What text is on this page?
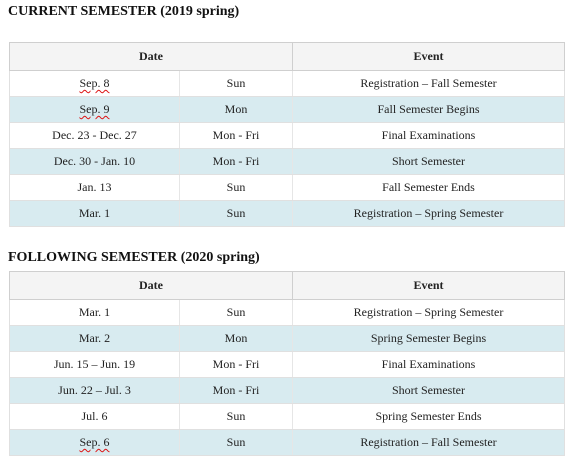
CURRENT SEMESTER (2019 spring)
Date		Event
Sep. 8	Sun	Registration – Fall Semester
Sep. 9	Mon	Fall Semester Begins
Dec. 23 - Dec. 27	Mon - Fri	Final Examinations
Dec. 30 - Jan. 10	Mon - Fri	Short Semester
Jan. 13	Sun	Fall Semester Ends
Mar. 1	Sun	Registration – Spring Semester
FOLLOWING SEMESTER (2020 spring)
Date		Event
Mar. 1	Sun	Registration – Spring Semester
Mar. 2	Mon	Spring Semester Begins
Jun. 15 – Jun. 19	Mon - Fri	Final Examinations
Jun. 22 – Jul. 3	Mon - Fri	Short Semester
Jul. 6	Sun	Spring Semester Ends
Sep. 6	Sun	Registration – Fall Semester
